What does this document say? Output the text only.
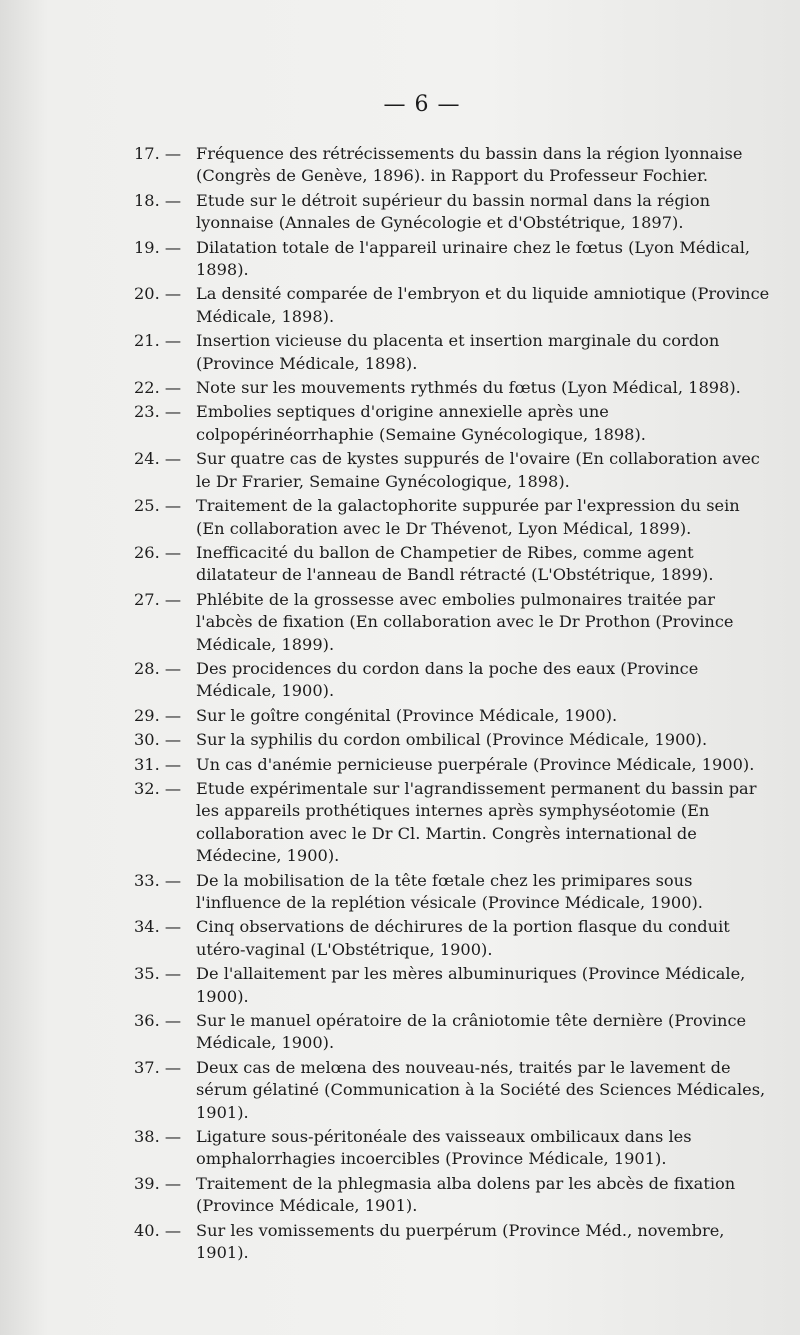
— 6 —
17. — Fréquence des rétrécissements du bassin dans la région lyonnaise (Congrès de Genève, 1896). in Rapport du Professeur Fochier.
18. — Etude sur le détroit supérieur du bassin normal dans la région lyonnaise (Annales de Gynécologie et d'Obstétrique, 1897).
19. — Dilatation totale de l'appareil urinaire chez le fœtus (Lyon Médical, 1898).
20. — La densité comparée de l'embryon et du liquide amniotique (Province Médicale, 1898).
21. — Insertion vicieuse du placenta et insertion marginale du cordon (Province Médicale, 1898).
22. — Note sur les mouvements rythmés du fœtus (Lyon Médical, 1898).
23. — Embolies septiques d'origine annexielle après une colpopérinéorrhaphie (Semaine Gynécologique, 1898).
24. — Sur quatre cas de kystes suppurés de l'ovaire (En collaboration avec le Dr Frarier, Semaine Gynécologique, 1898).
25. — Traitement de la galactophorite suppurée par l'expression du sein (En collaboration avec le Dr Thévenot, Lyon Médical, 1899).
26. — Inefficacité du ballon de Champetier de Ribes, comme agent dilatateur de l'anneau de Bandl rétracté (L'Obstétrique, 1899).
27. — Phlébite de la grossesse avec embolies pulmonaires traitée par l'abcès de fixation (En collaboration avec le Dr Prothon (Province Médicale, 1899).
28. — Des procidences du cordon dans la poche des eaux (Province Médicale, 1900).
29. — Sur le goître congénital (Province Médicale, 1900).
30. — Sur la syphilis du cordon ombilical (Province Médicale, 1900).
31. — Un cas d'anémie pernicieuse puerpérale (Province Médicale, 1900).
32. — Etude expérimentale sur l'agrandissement permanent du bassin par les appareils prothétiques internes après symphyséotomie (En collaboration avec le Dr Cl. Martin. Congrès international de Médecine, 1900).
33. — De la mobilisation de la tête fœtale chez les primipares sous l'influence de la replétion vésicale (Province Médicale, 1900).
34. — Cinq observations de déchirures de la portion flasque du conduit utéro-vaginal (L'Obstétrique, 1900).
35. — De l'allaitement par les mères albuminuriques (Province Médicale, 1900).
36. — Sur le manuel opératoire de la crâniotomie tête dernière (Province Médicale, 1900).
37. — Deux cas de melœna des nouveau-nés, traités par le lavement de sérum gélatiné (Communication à la Société des Sciences Médicales, 1901).
38. — Ligature sous-péritonéale des vaisseaux ombilicaux dans les omphalorrhagies incoercibles (Province Médicale, 1901).
39. — Traitement de la phlegmasia alba dolens par les abcès de fixation (Province Médicale, 1901).
40. — Sur les vomissements du puerpérum (Province Méd., novembre, 1901).
